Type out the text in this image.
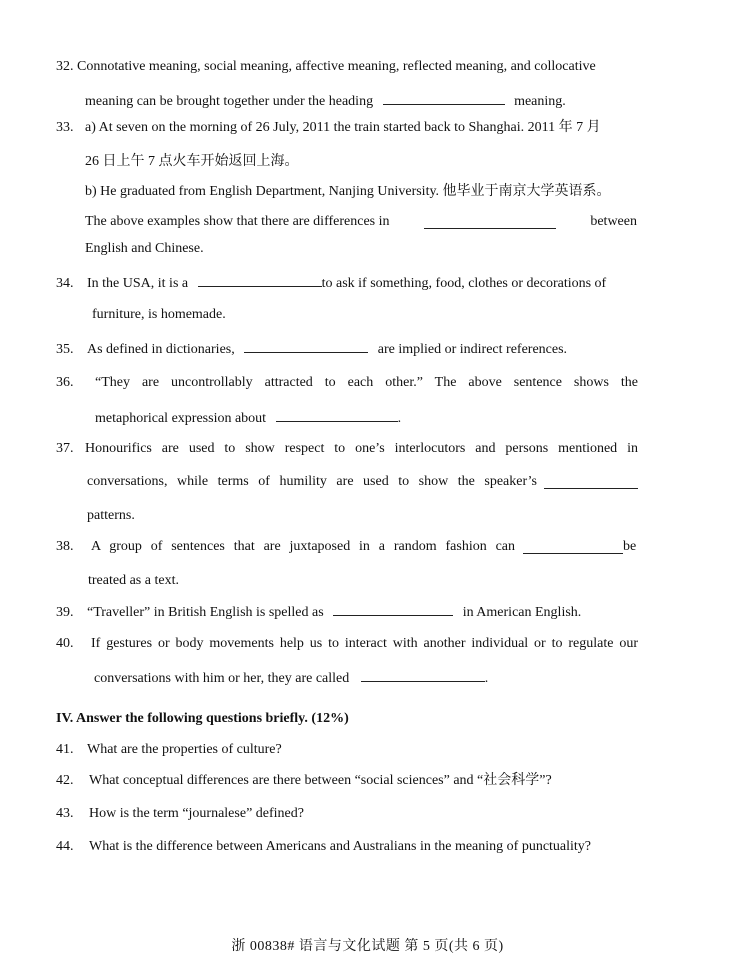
32. Connotative meaning, social meaning, affective meaning, reflected meaning, and collocative
meaning can be brought together under the heading	meaning.
33. a) At seven on the morning of 26 July, 2011 the train started back to Shanghai. 2011 年 7 月
26 日上午 7 点火车开始返回上海。
b) He graduated from English Department, Nanjing University. 他毕业于南京大学英语系。
The above examples show that there are differences in	between
English and Chinese.
34. In the USA, it is a	to ask if something, food, clothes or decorations of
furniture, is homemade.
35. As defined in dictionaries,	are implied or indirect references.
36.	“They are uncontrollably attracted to each other.” The above sentence shows the
metaphorical expression about	.
37. Honourifics are used to show respect to one’s interlocutors and persons mentioned in
conversations, while terms of humility are used to show the speaker’s
patterns.
38.	A group of sentences that are juxtaposed in a random fashion can	be
treated as a text.
39. “Traveller” in British English is spelled as	in American English.
40.	If gestures or body movements help us to interact with another individual or to regulate our
conversations with him or her, they are called	.
IV. Answer the following questions briefly. (12%)
41. What are the properties of culture?
42. What conceptual differences are there between “social sciences” and “社会科学”?
43. How is the term “journalese” defined?
44. What is the difference between Americans and Australians in the meaning of punctuality?
浙 00838# 语言与文化试题 第 5 页(共 6 页)
